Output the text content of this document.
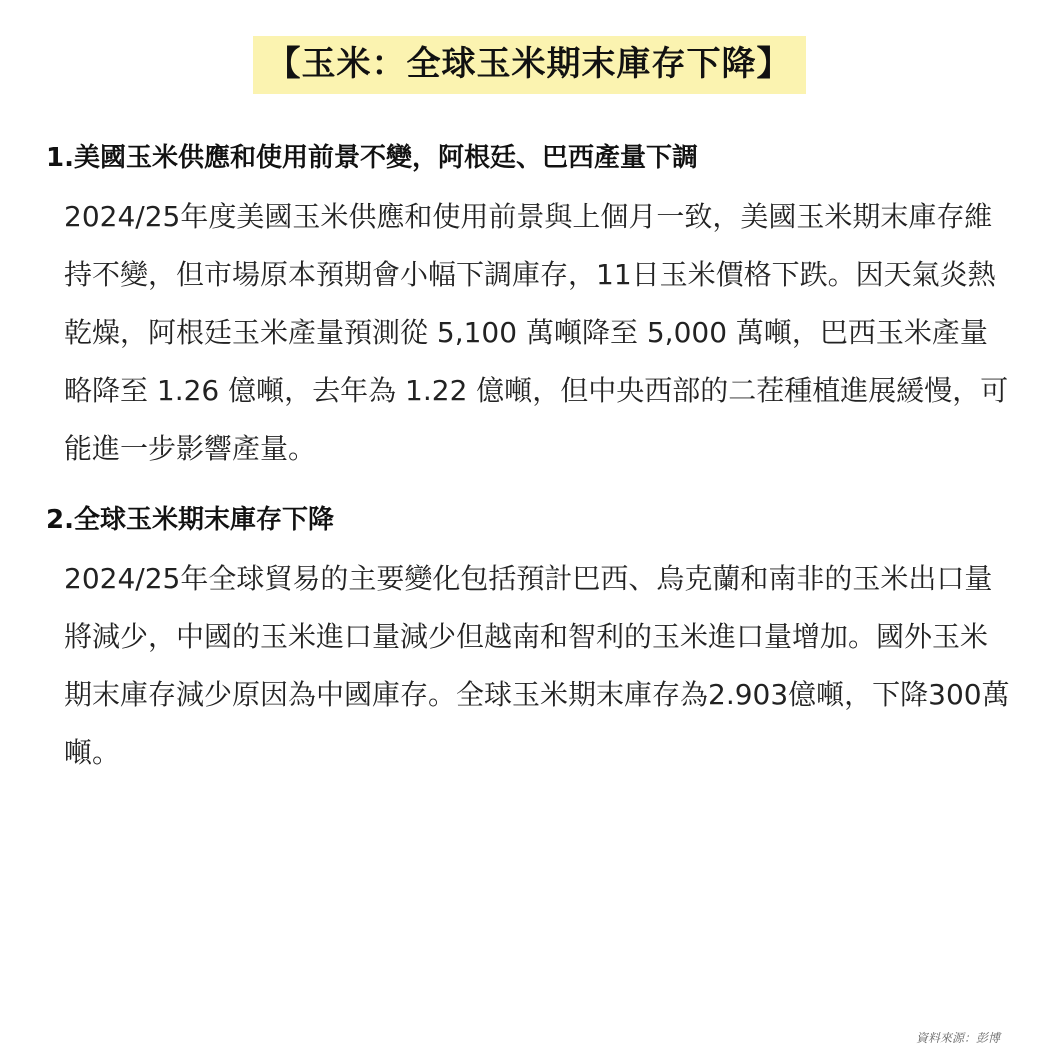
【玉米：全球玉米期末庫存下降】
1.美國玉米供應和使用前景不變，阿根廷、巴西產量下調

2024/25年度美國玉米供應和使用前景與上個月一致，美國玉米期末庫存維持不變，但市場原本預期會小幅下調庫存，11日玉米價格下跌。因天氣炎熱乾燥，阿根廷玉米產量預測從 5,100 萬噸降至 5,000 萬噸，巴西玉米產量略降至 1.26 億噸，去年為 1.22 億噸，但中央西部的二茬種植進展緩慢，可能進一步影響產量。

2.全球玉米期末庫存下降

2024/25年全球貿易的主要變化包括預計巴西、烏克蘭和南非的玉米出口量將減少，中國的玉米進口量減少但越南和智利的玉米進口量增加。國外玉米期末庫存減少原因為中國庫存。全球玉米期末庫存為2.903億噸，下降300萬噸。

資料來源：彭博
